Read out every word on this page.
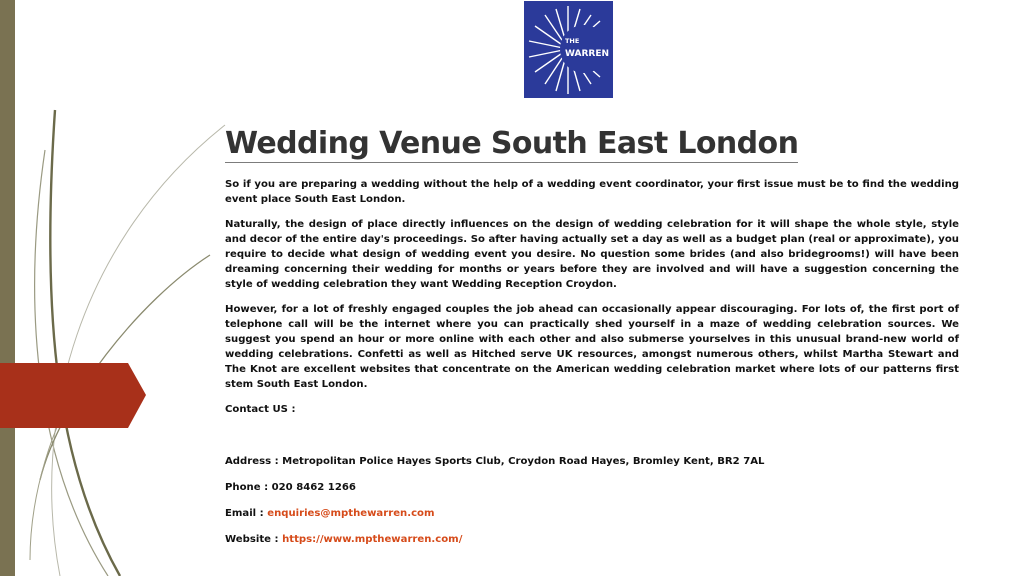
THE
WARREN
Wedding Venue South East London

So if you are preparing a wedding without the help of a wedding event coordinator, your first issue must be to find the wedding event place South East London.

Naturally, the design of place directly influences on the design of wedding celebration for it will shape the whole style, style and decor of the entire day's proceedings. So after having actually set a day as well as a budget plan (real or approximate), you require to decide what design of wedding event you desire. No question some brides (and also bridegrooms!) will have been dreaming concerning their wedding for months or years before they are involved and will have a suggestion concerning the style of wedding celebration they want Wedding Reception Croydon.

However, for a lot of freshly engaged couples the job ahead can occasionally appear discouraging. For lots of, the first port of telephone call will be the internet where you can practically shed yourself in a maze of wedding celebration sources. We suggest you spend an hour or more online with each other and also submerse yourselves in this unusual brand-new world of wedding celebrations. Confetti as well as Hitched serve UK resources, amongst numerous others, whilst Martha Stewart and The Knot are excellent websites that concentrate on the American wedding celebration market where lots of our patterns first stem South East London.

Contact US :

Address : Metropolitan Police Hayes Sports Club, Croydon Road Hayes, Bromley Kent, BR2 7AL

Phone : 020 8462 1266

Email : enquiries@mpthewarren.com

Website : https://www.mpthewarren.com/
